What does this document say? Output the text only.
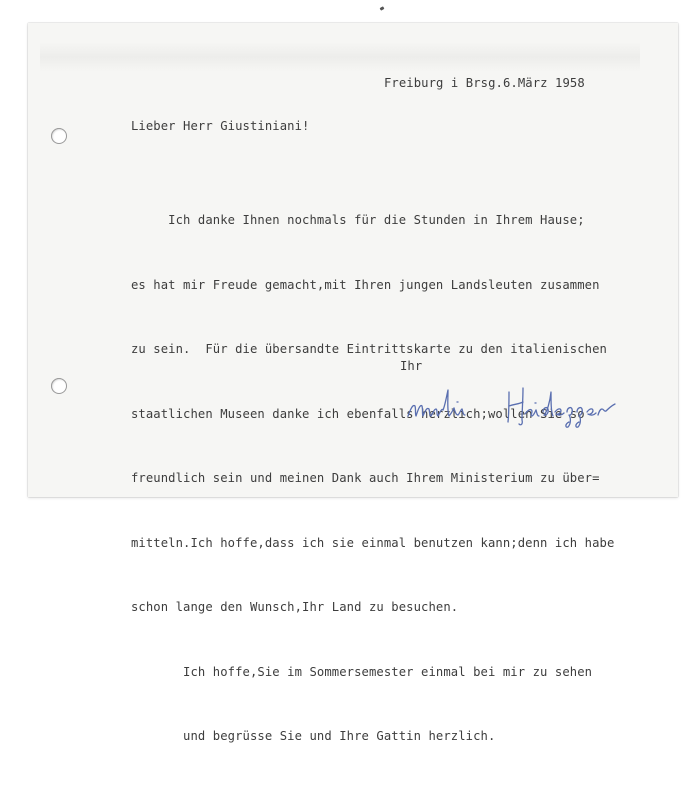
Freiburg i Brsg.6.März 1958
Lieber Herr Giustiniani!

Ich danke Ihnen nochmals für die Stunden in Ihrem Hause;

es hat mir Freude gemacht,mit Ihren jungen Landsleuten zusammen

zu sein.  Für die übersandte Eintrittskarte zu den italienischen

staatlichen Museen danke ich ebenfalls herzlich;wollen Sie so

freundlich sein und meinen Dank auch Ihrem Ministerium zu über=

mitteln.Ich hoffe,dass ich sie einmal benutzen kann;denn ich habe

schon lange den Wunsch,Ihr Land zu besuchen.

Ich hoffe,Sie im Sommersemester einmal bei mir zu sehen

und begrüsse Sie und Ihre Gattin herzlich.

Ihr
